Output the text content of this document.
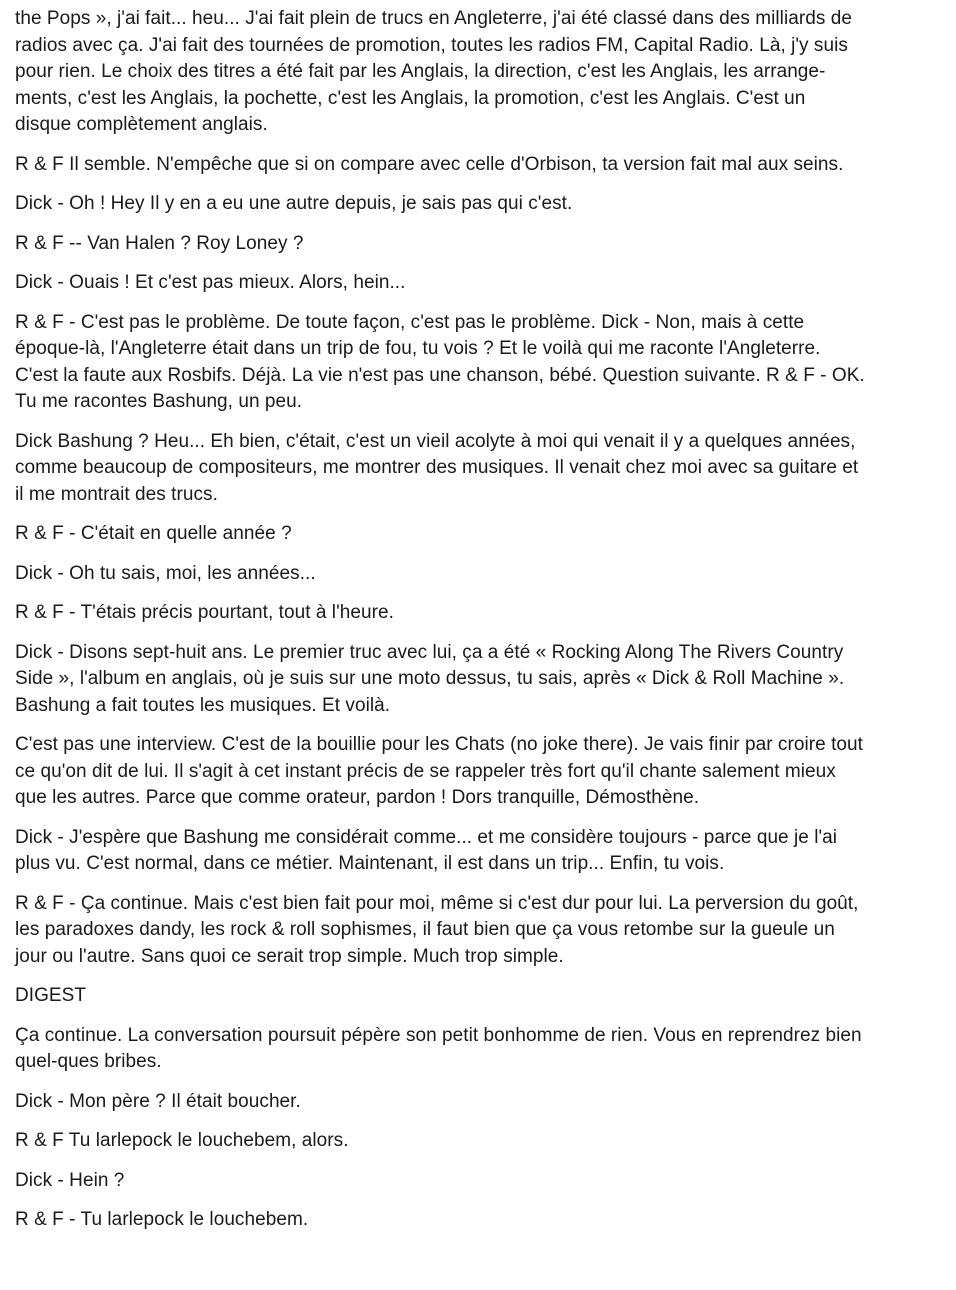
the Pops », j'ai fait... heu... J'ai fait plein de trucs en Angleterre, j'ai été classé dans des milliards de
radios avec ça. J'ai fait des tournées de promotion, toutes les radios FM, Capital Radio. Là, j'y suis
pour rien. Le choix des titres a été fait par les Anglais, la direction, c'est les Anglais, les arrange-
ments, c'est les Anglais, la pochette, c'est les Anglais, la promotion, c'est les Anglais. C'est un
disque complètement anglais.

R & F Il semble. N'empêche que si on compare avec celle d'Orbison, ta version fait mal aux seins.

Dick - Oh ! Hey Il y en a eu une autre depuis, je sais pas qui c'est.

R & F -- Van Halen ? Roy Loney ?

Dick - Ouais ! Et c'est pas mieux. Alors, hein...

R & F - C'est pas le problème. De toute façon, c'est pas le problème. Dick - Non, mais à cette
époque-là, l'Angleterre était dans un trip de fou, tu vois ? Et le voilà qui me raconte l'Angleterre.
C'est la faute aux Rosbifs. Déjà. La vie n'est pas une chanson, bébé. Question suivante. R & F - OK.
Tu me racontes Bashung, un peu.

Dick Bashung ? Heu... Eh bien, c'était, c'est un vieil acolyte à moi qui venait il y a quelques années,
comme beaucoup de compositeurs, me montrer des musiques. Il venait chez moi avec sa guitare et
il me montrait des trucs.

R & F - C'était en quelle année ?

Dick - Oh tu sais, moi, les années...

R & F - T'étais précis pourtant, tout à l'heure.

Dick - Disons sept-huit ans. Le premier truc avec lui, ça a été « Rocking Along The Rivers Country
Side », l'album en anglais, où je suis sur une moto dessus, tu sais, après « Dick & Roll Machine ».
Bashung a fait toutes les musiques. Et voilà.

C'est pas une interview. C'est de la bouillie pour les Chats (no joke there). Je vais finir par croire tout
ce qu'on dit de lui. Il s'agit à cet instant précis de se rappeler très fort qu'il chante salement mieux
que les autres. Parce que comme orateur, pardon ! Dors tranquille, Démosthène.

Dick - J'espère que Bashung me considérait comme... et me considère toujours - parce que je l'ai
plus vu. C'est normal, dans ce métier. Maintenant, il est dans un trip... Enfin, tu vois.

R & F - Ça continue. Mais c'est bien fait pour moi, même si c'est dur pour lui. La perversion du goût,
les paradoxes dandy, les rock & roll sophismes, il faut bien que ça vous retombe sur la gueule un
jour ou l'autre. Sans quoi ce serait trop simple. Much trop simple.

DIGEST

Ça continue. La conversation poursuit pépère son petit bonhomme de rien. Vous en reprendrez bien
quel-ques bribes.

Dick - Mon père ? Il était boucher.

R & F Tu larlepock le louchebem, alors.

Dick - Hein ?

R & F - Tu larlepock le louchebem.
